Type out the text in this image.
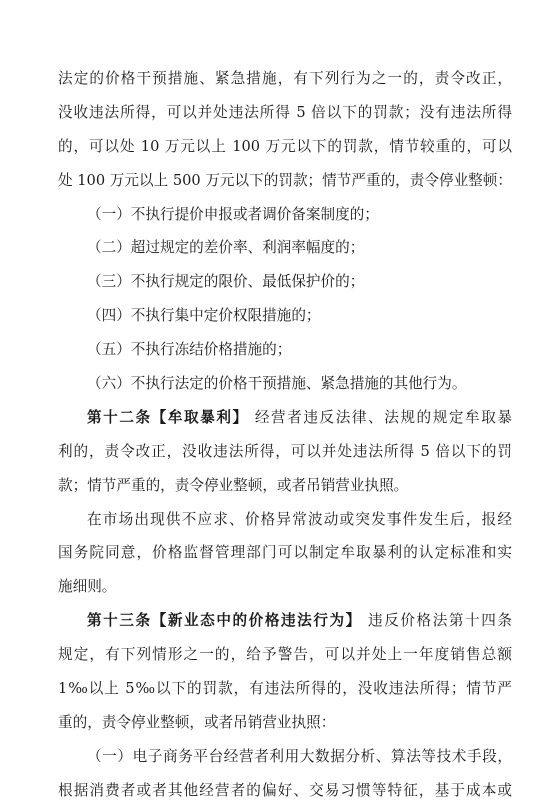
法定的价格干预措施、紧急措施，有下列行为之一的，责令改正，
没收违法所得，可以并处违法所得 5 倍以下的罚款；没有违法所得
的，可以处 10 万元以上 100 万元以下的罚款，情节较重的，可以
处 100 万元以上 500 万元以下的罚款；情节严重的，责令停业整顿：
（一）不执行提价申报或者调价备案制度的；
（二）超过规定的差价率、利润率幅度的；
（三）不执行规定的限价、最低保护价的；
（四）不执行集中定价权限措施的；
（五）不执行冻结价格措施的；
（六）不执行法定的价格干预措施、紧急措施的其他行为。
第十二条【牟取暴利】 经营者违反法律、法规的规定牟取暴
利的，责令改正，没收违法所得，可以并处违法所得 5 倍以下的罚
款；情节严重的，责令停业整顿，或者吊销营业执照。
在市场出现供不应求、价格异常波动或突发事件发生后，报经
国务院同意，价格监督管理部门可以制定牟取暴利的认定标准和实
施细则。
第十三条【新业态中的价格违法行为】 违反价格法第十四条
规定，有下列情形之一的，给予警告，可以并处上一年度销售总额
1‰以上 5‰以下的罚款，有违法所得的，没收违法所得；情节严
重的，责令停业整顿，或者吊销营业执照：
（一）电子商务平台经营者利用大数据分析、算法等技术手段，
根据消费者或者其他经营者的偏好、交易习惯等特征，基于成本或
